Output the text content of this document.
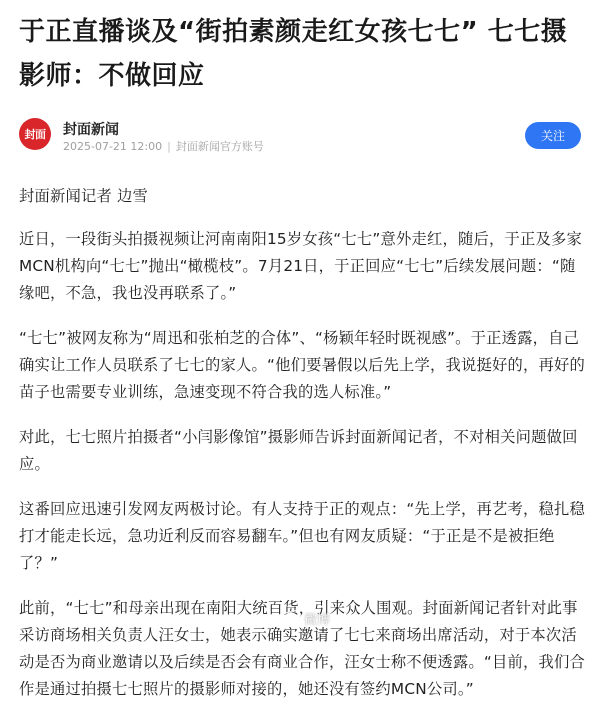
于正直播谈及“街拍素颜走红女孩七七” 七七摄影师：不做回应
封面	封面新闻
2025-07-21 12:00 | 封面新闻官方账号
关注

封面新闻记者 边雪

近日，一段街头拍摄视频让河南南阳15岁女孩“七七”意外走红，随后，于正及多家MCN机构向“七七”抛出“橄榄枝”。7月21日，于正回应“七七”后续发展问题：“随缘吧，不急，我也没再联系了。”

“七七”被网友称为“周迅和张柏芝的合体”、“杨颖年轻时既视感”。于正透露，自己确实让工作人员联系了七七的家人。“他们要暑假以后先上学，我说挺好的，再好的苗子也需要专业训练，急速变现不符合我的选人标准。”

对此，七七照片拍摄者“小闫影像馆”摄影师告诉封面新闻记者，不对相关问题做回应。

这番回应迅速引发网友两极讨论。有人支持于正的观点：“先上学，再艺考，稳扎稳打才能走长远，急功近利反而容易翻车。”但也有网友质疑：“于正是不是被拒绝了？”

此前，“七七”和母亲出现在南阳大统百货，引来众人围观。封面新闻记者针对此事采访商场相关负责人汪女士，她表示确实邀请了七七来商场出席活动，对于本次活动是否为商业邀请以及后续是否会有商业合作，汪女士称不便透露。“目前，我们合作是通过拍摄七七照片的摄影师对接的，她还没有签约MCN公司。”

微博
